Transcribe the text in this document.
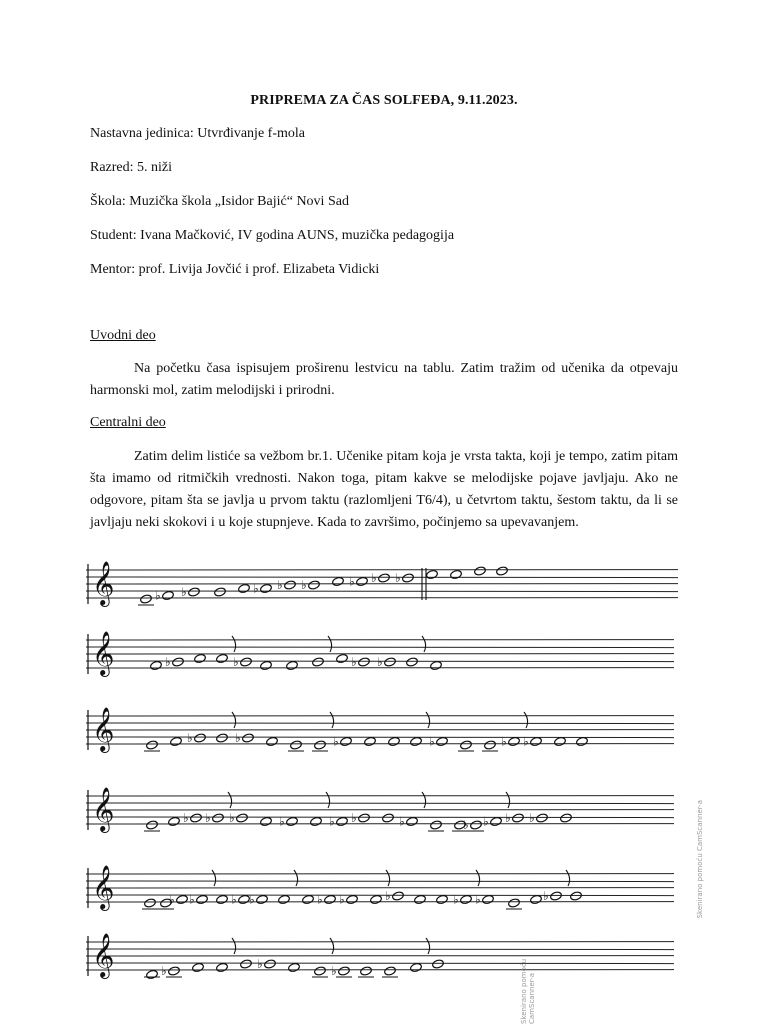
PRIPREMA ZA ČAS SOLFEĐA, 9.11.2023.
Nastavna jedinica: Utvrđivanje f-mola
Razred: 5. niži
Škola: Muzička škola „Isidor Bajić“ Novi Sad
Student: Ivana Mačković, IV godina AUNS, muzička pedagogija
Mentor: prof. Livija Jovčić i prof. Elizabeta Vidicki
Uvodni deo

Na početku časa ispisujem proširenu lestvicu na tablu. Zatim tražim od učenika da otpevaju harmonski mol, zatim melodijski i prirodni.

Centralni deo

Zatim delim listiće sa vežbom br.1. Učenike pitam koja je vrsta takta, koji je tempo, zatim pitam šta imamo od ritmičkih vrednosti. Nakon toga, pitam kakve se melodijske pojave javljaju. Ako ne odgovore, pitam šta se javlja u prvom taktu (razlomljeni T6/4), u četvrtom taktu, šestom taktu, da li se javljaju neki skokovi i u koje stupnjeve. Kada to završimo, počinjemo sa upevavanjem.

𝄞	♭ ♭	♭ ♭ ♭	♭ ♭ ♭
𝄞	♭	♭	♭ ♭
𝄞	♭	♭	♭	♭	♭ ♭
𝄞	♭ ♭ ♭	♭	♭ ♭	♭	♭ ♭ ♭ ♭
𝄞	♭ ♭	♭ ♭	♭ ♭	♭	♭ ♭	♭
𝄞	♭	♭	♭
Skenirano pomoću CamScanner-a
Skenirano pomoću CamScanner-a
